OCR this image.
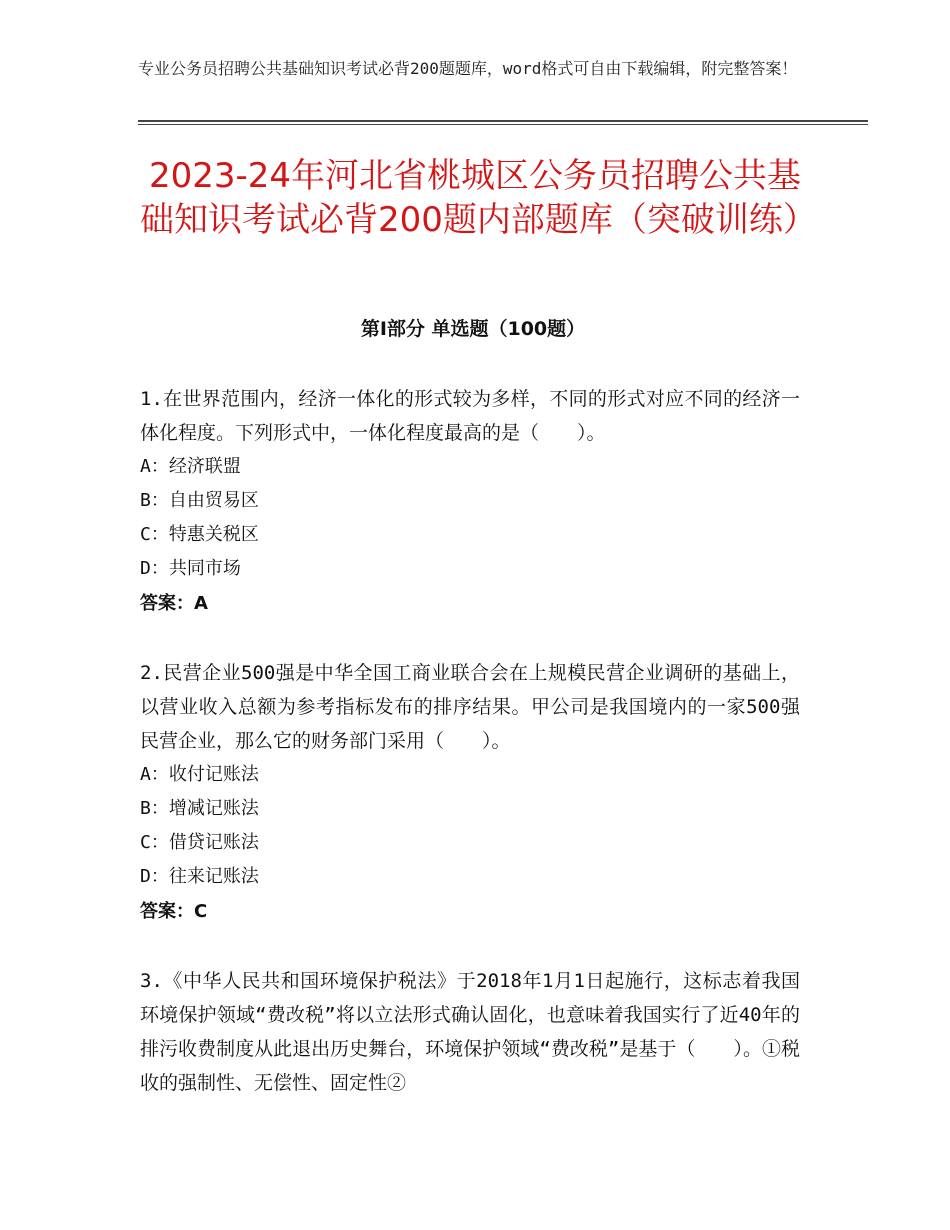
专业公务员招聘公共基础知识考试必背200题题库，word格式可自由下载编辑，附完整答案！
2023-24年河北省桃城区公务员招聘公共基础知识考试必背200题内部题库（突破训练）
第Ⅰ部分 单选题（100题）

1.在世界范围内，经济一体化的形式较为多样，不同的形式对应不同的经济一体化程度。下列形式中，一体化程度最高的是（　　）。

A：经济联盟

B：自由贸易区

C：特惠关税区

D：共同市场

答案：A

2.民营企业500强是中华全国工商业联合会在上规模民营企业调研的基础上，以营业收入总额为参考指标发布的排序结果。甲公司是我国境内的一家500强民营企业，那么它的财务部门采用（　　）。

A：收付记账法

B：增减记账法

C：借贷记账法

D：往来记账法

答案：C

3.《中华人民共和国环境保护税法》于2018年1月1日起施行，这标志着我国环境保护领域“费改税”将以立法形式确认固化，也意味着我国实行了近40年的排污收费制度从此退出历史舞台，环境保护领域“费改税”是基于（　　）。①税收的强制性、无偿性、固定性②
